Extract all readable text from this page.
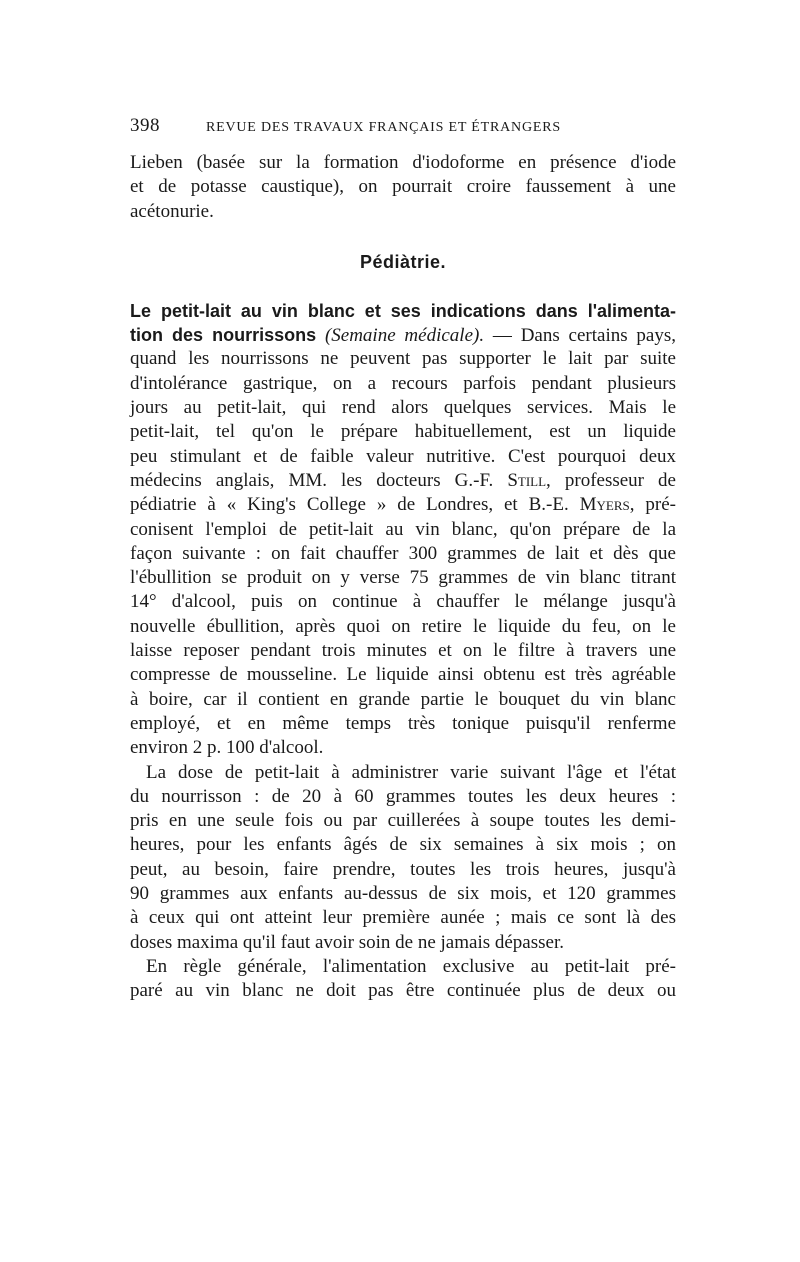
398	REVUE DES TRAVAUX FRANÇAIS ET ÉTRANGERS
Lieben (basée sur la formation d'iodoforme en présence d'iode
et de potasse caustique), on pourrait croire faussement à une
acétonurie.
Pédiàtrie.
Le petit-lait au vin blanc et ses indications dans l'alimenta-
tion des nourrissons (Semaine médicale). — Dans certains pays,
quand les nourrissons ne peuvent pas supporter le lait par suite
d'intolérance gastrique, on a recours parfois pendant plusieurs
jours au petit-lait, qui rend alors quelques services. Mais le
petit-lait, tel qu'on le prépare habituellement, est un liquide
peu stimulant et de faible valeur nutritive. C'est pourquoi deux
médecins anglais, MM. les docteurs G.-F. Still, professeur de
pédiatrie à « King's College » de Londres, et B.-E. Myers, pré-
conisent l'emploi de petit-lait au vin blanc, qu'on prépare de la
façon suivante : on fait chauffer 300 grammes de lait et dès que
l'ébullition se produit on y verse 75 grammes de vin blanc titrant
14° d'alcool, puis on continue à chauffer le mélange jusqu'à
nouvelle ébullition, après quoi on retire le liquide du feu, on le
laisse reposer pendant trois minutes et on le filtre à travers une
compresse de mousseline. Le liquide ainsi obtenu est très agréable
à boire, car il contient en grande partie le bouquet du vin blanc
employé, et en même temps très tonique puisqu'il renferme
environ 2 p. 100 d'alcool.
La dose de petit-lait à administrer varie suivant l'âge et l'état
du nourrisson : de 20 à 60 grammes toutes les deux heures :
pris en une seule fois ou par cuillerées à soupe toutes les demi-
heures, pour les enfants âgés de six semaines à six mois ; on
peut, au besoin, faire prendre, toutes les trois heures, jusqu'à
90 grammes aux enfants au-dessus de six mois, et 120 grammes
à ceux qui ont atteint leur première aunée ; mais ce sont là des
doses maxima qu'il faut avoir soin de ne jamais dépasser.
En règle générale, l'alimentation exclusive au petit-lait pré-
paré au vin blanc ne doit pas être continuée plus de deux ou
